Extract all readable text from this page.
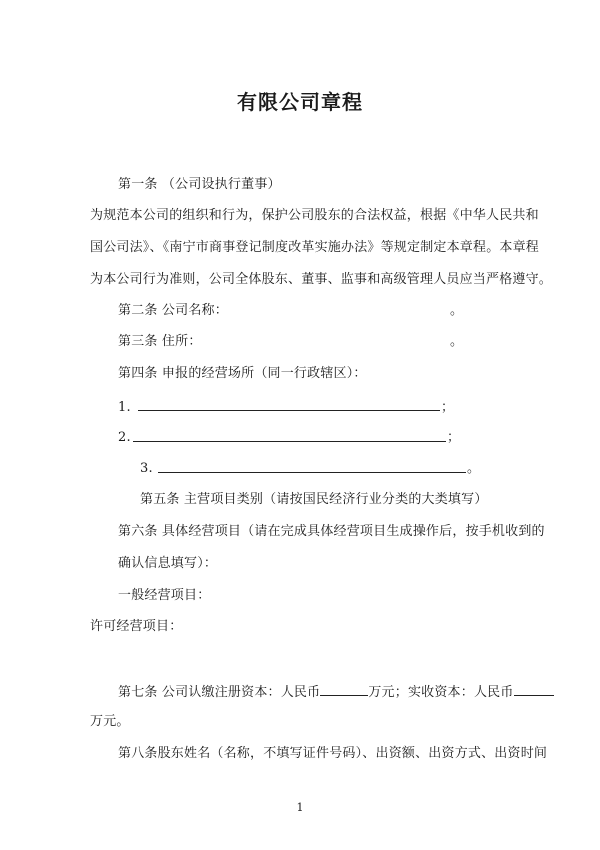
有限公司章程
第一条 （公司设执行董事）
为规范本公司的组织和行为，保护公司股东的合法权益，根据《中华人民共和
国公司法》、《南宁市商事登记制度改革实施办法》等规定制定本章程。本章程
为本公司行为准则，公司全体股东、董事、监事和高级管理人员应当严格遵守。
第二条 公司名称：	。
第三条 住所：	。
第四条 申报的经营场所（同一行政辖区）：
1.	；
2.	；
3.	。
第五条 主营项目类别（请按国民经济行业分类的大类填写）
第六条 具体经营项目（请在完成具体经营项目生成操作后，按手机收到的
确认信息填写）：
一般经营项目：
许可经营项目：
第七条 公司认缴注册资本：人民币	万元；实收资本：人民币
万元。
第八条股东姓名（名称，不填写证件号码）、出资额、出资方式、出资时间
1
